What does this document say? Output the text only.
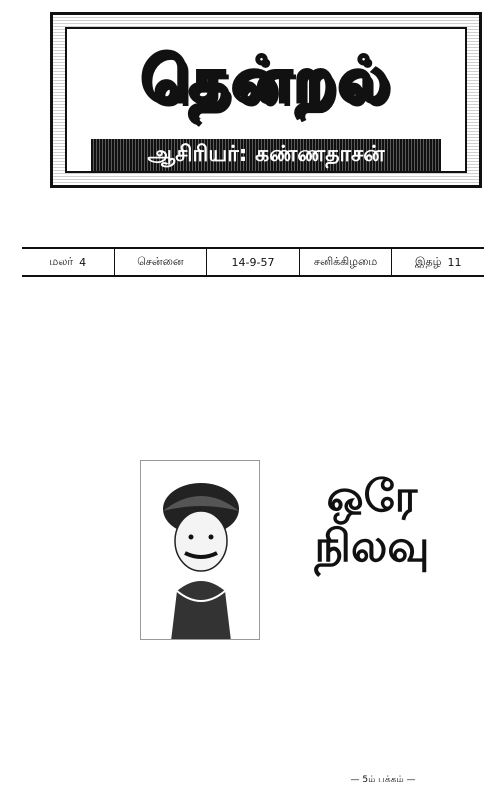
தென்றல்
ஆசிரியர்: கண்ணதாசன்
மலர் 4	சென்னை	14-9-57	சனிக்கிழமை	இதழ் 11
ஒரே நிலவு
— 5ம் பக்கம் —
